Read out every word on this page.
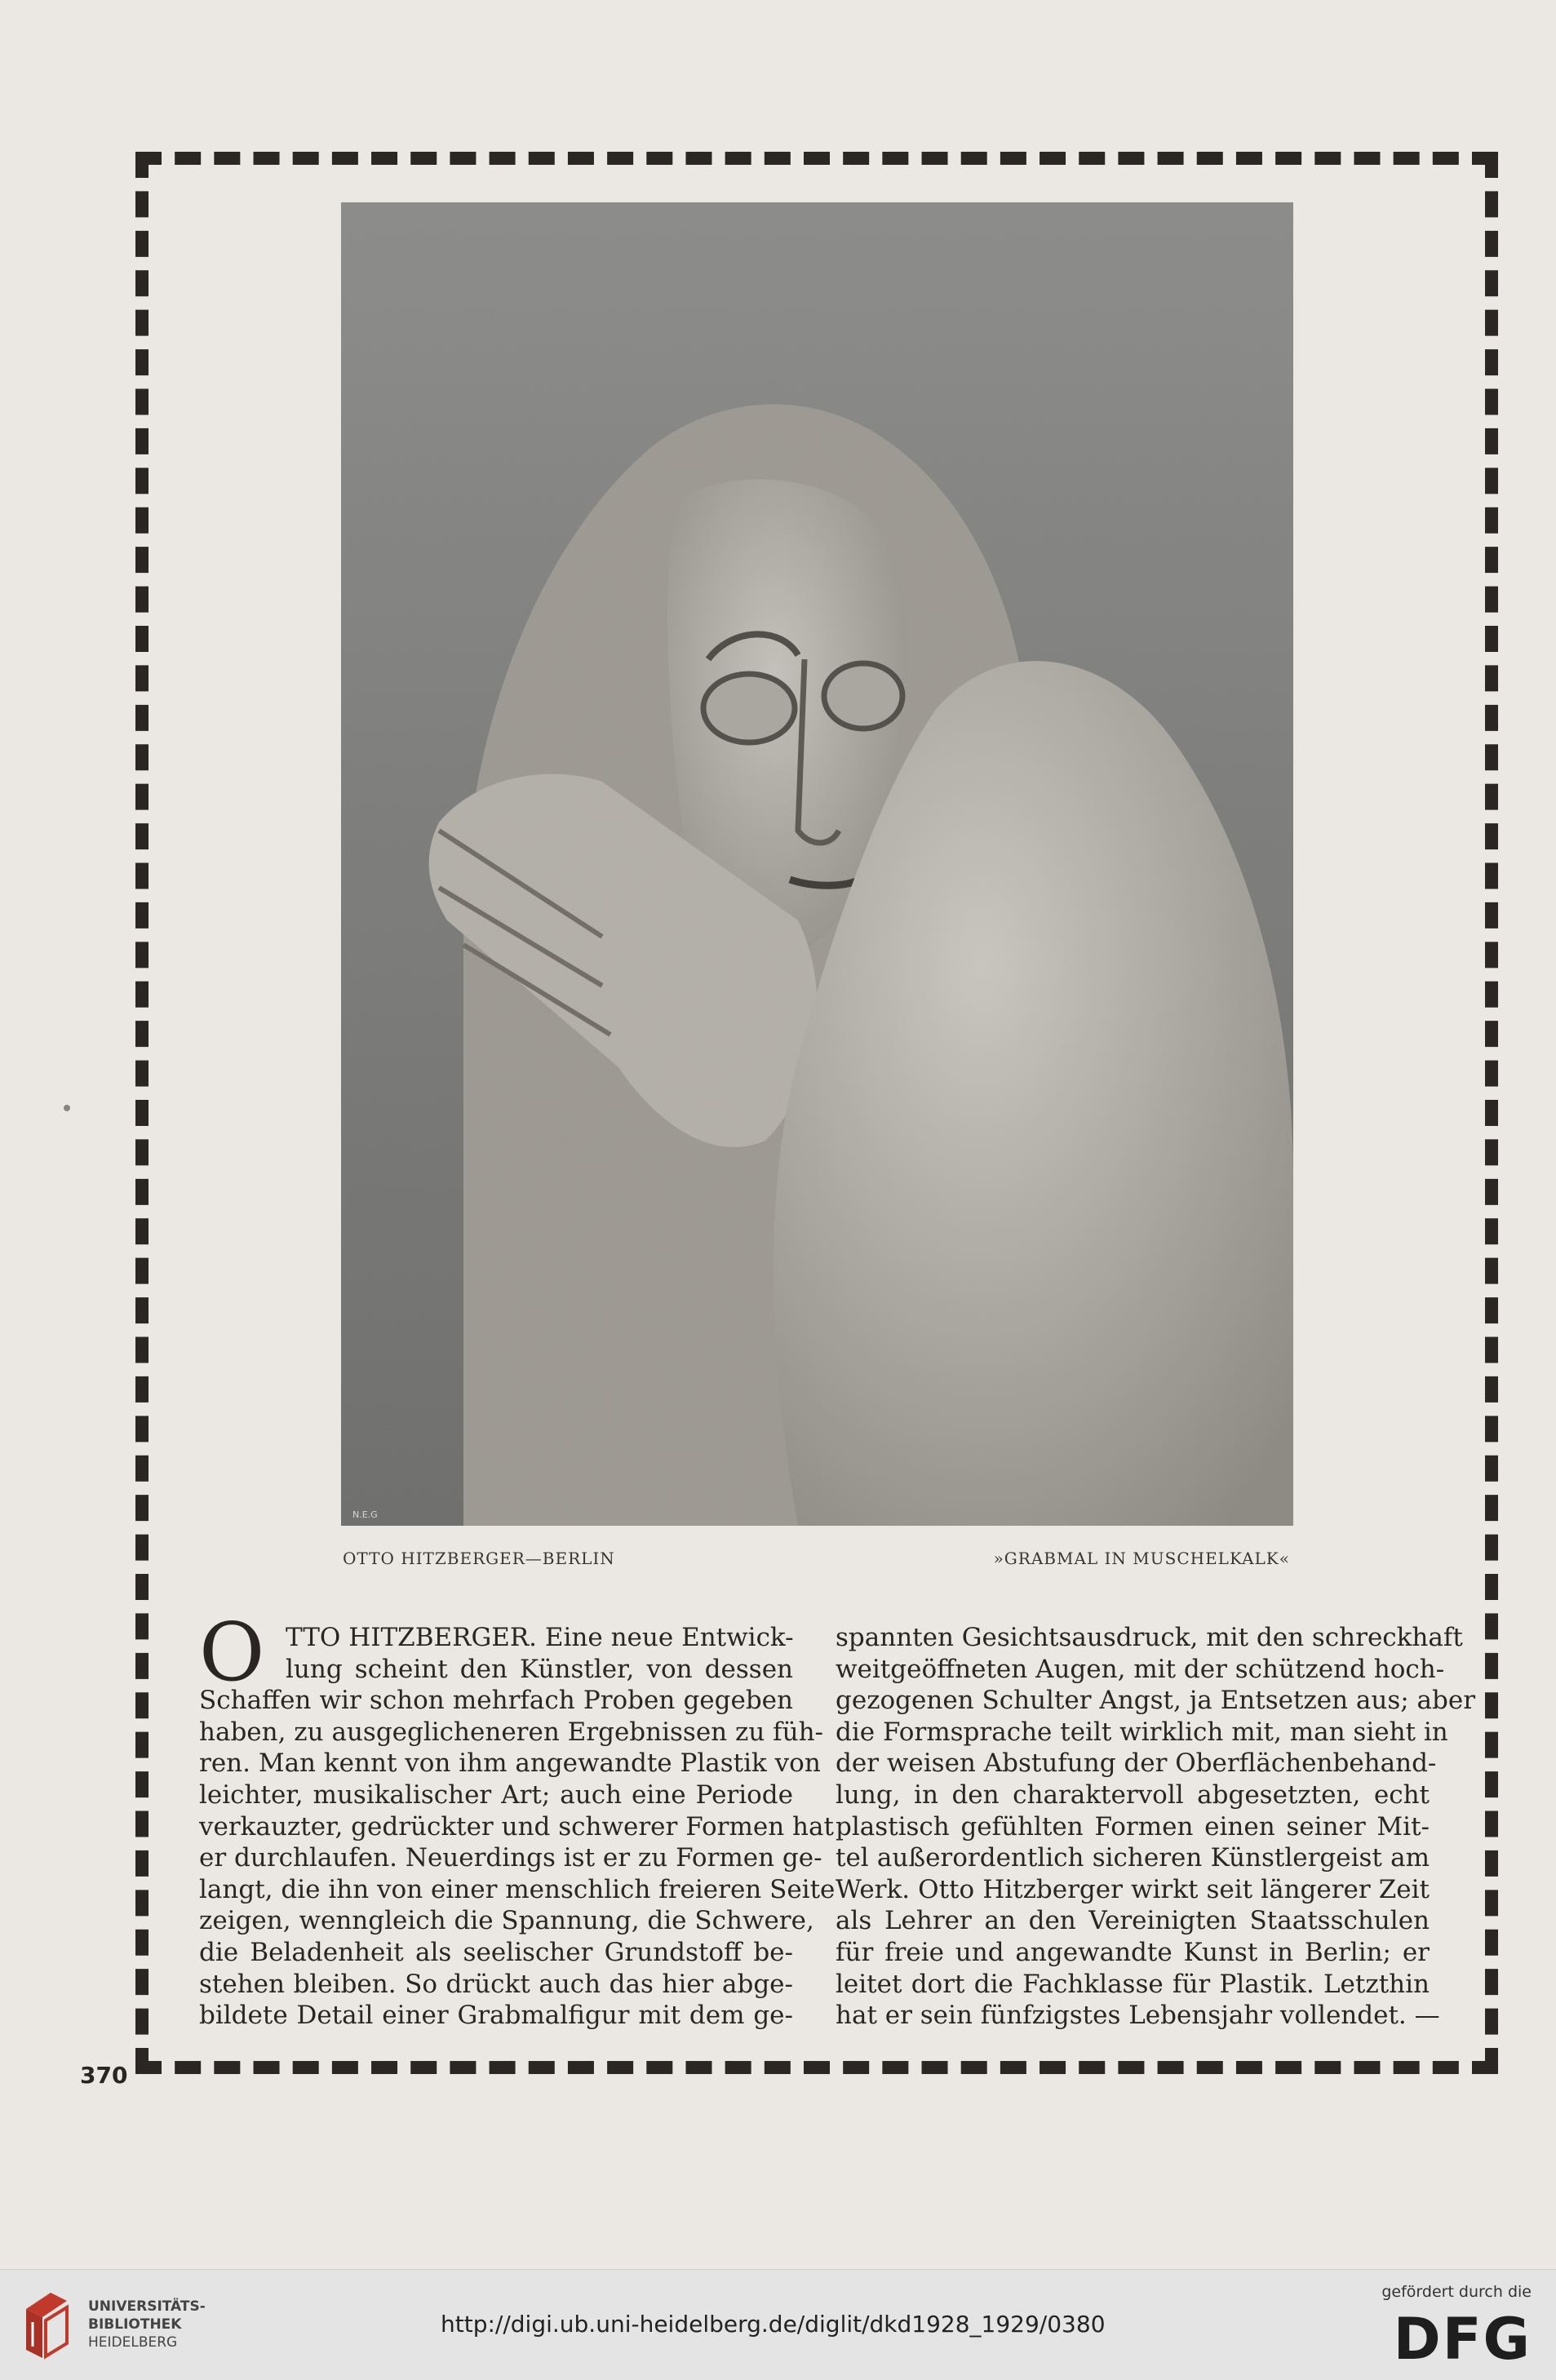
N.E.G
OTTO HITZBERGER—BERLIN	»GRABMAL IN MUSCHELKALK«
O TTO HITZBERGER. Eine neue Entwick-
lung scheint den Künstler, von dessen
Schaffen wir schon mehrfach Proben gegeben
haben, zu ausgeglicheneren Ergebnissen zu füh-
ren. Man kennt von ihm angewandte Plastik von
leichter, musikalischer Art; auch eine Periode
verkauzter, gedrückter und schwerer Formen hat
er durchlaufen. Neuerdings ist er zu Formen ge-
langt, die ihn von einer menschlich freieren Seite
zeigen, wenngleich die Spannung, die Schwere,
die Beladenheit als seelischer Grundstoff be-
stehen bleiben. So drückt auch das hier abge-
bildete Detail einer Grabmalfigur mit dem ge-
spannten Gesichtsausdruck, mit den schreckhaft
weitgeöffneten Augen, mit der schützend hoch-
gezogenen Schulter Angst, ja Entsetzen aus; aber
die Formsprache teilt wirklich mit, man sieht in
der weisen Abstufung der Oberflächenbehand-
lung, in den charaktervoll abgesetzten, echt
plastisch gefühlten Formen einen seiner Mit-
tel außerordentlich sicheren Künstlergeist am
Werk. Otto Hitzberger wirkt seit längerer Zeit
als Lehrer an den Vereinigten Staatsschulen
für freie und angewandte Kunst in Berlin; er
leitet dort die Fachklasse für Plastik. Letzthin
hat er sein fünfzigstes Lebensjahr vollendet. —
370
UNIVERSITÄTS-
BIBLIOTHEK
HEIDELBERG
http://digi.ub.uni-heidelberg.de/diglit/dkd1928_1929/0380
gefördert durch die
DFG
